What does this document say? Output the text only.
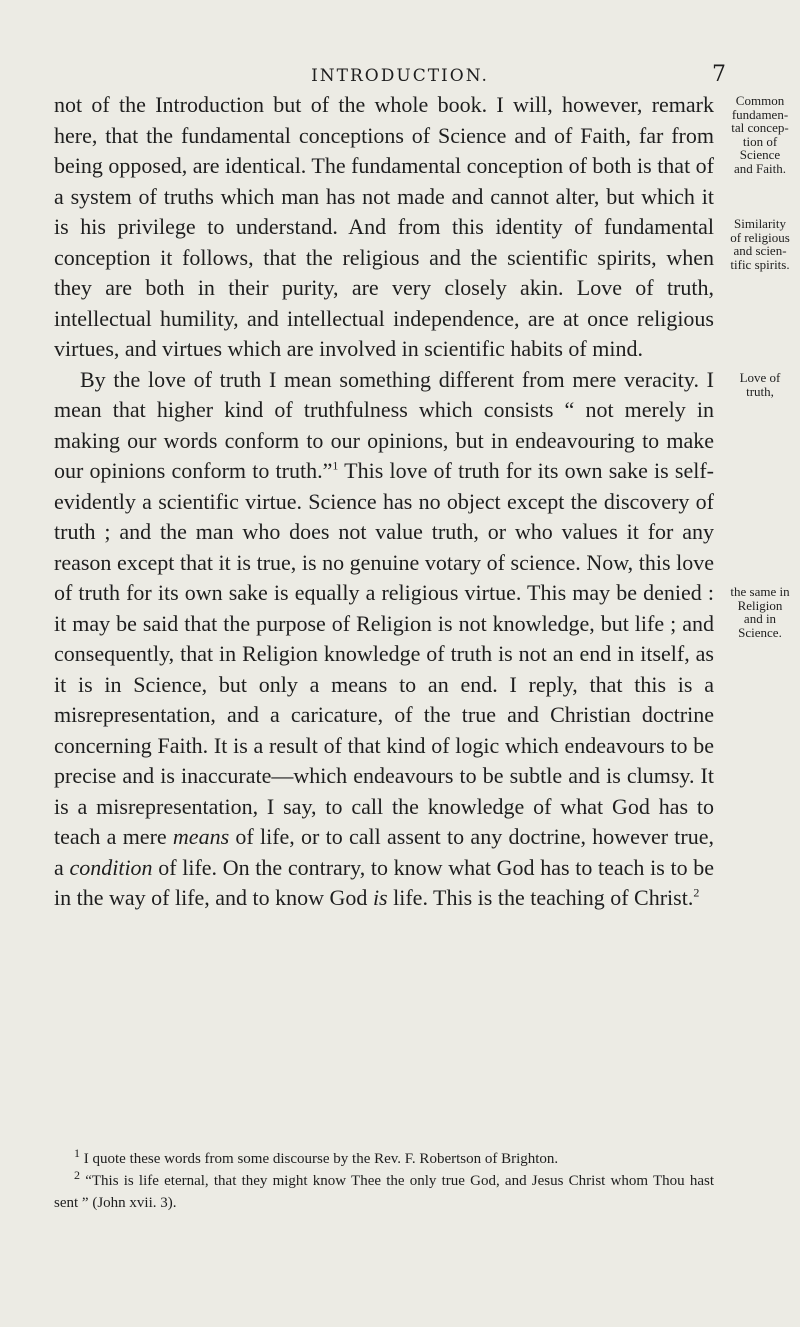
INTRODUCTION.	7

not of the Introduction but of the whole book. I will, however, remark here, that the fundamental conceptions of Science and of Faith, far from being opposed, are identical. The fundamental conception of both is that of a system of truths which man has not made and cannot alter, but which it is his privilege to understand. And from this identity of fundamental conception it follows, that the religious and the scientific spirits, when they are both in their purity, are very closely akin. Love of truth, intellectual humility, and intellectual independence, are at once religious virtues, and virtues which are involved in scientific habits of mind.

By the love of truth I mean something different from mere veracity. I mean that higher kind of truthfulness which consists “ not merely in making our words conform to our opinions, but in endeavouring to make our opinions conform to truth.”$^1$ This love of truth for its own sake is self-evidently a scientific virtue. Science has no object except the discovery of truth ; and the man who does not value truth, or who values it for any reason except that it is true, is no genuine votary of science. Now, this love of truth for its own sake is equally a religious virtue. This may be denied : it may be said that the purpose of Religion is not knowledge, but life ; and consequently, that in Religion knowledge of truth is not an end in itself, as it is in Science, but only a means to an end. I reply, that this is a misrepresentation, and a caricature, of the true and Christian doctrine concerning Faith. It is a result of that kind of logic which endeavours to be precise and is inaccurate—which endeavours to be subtle and is clumsy. It is a misrepresentation, I say, to call the knowledge of what God has to teach a mere means of life, or to call assent to any doctrine, however true, a condition of life. On the contrary, to know what God has to teach is to be in the way of life, and to know God is life. This is the teaching of Christ.$^2$

Common
fundamen-
tal concep-
tion of
Science
and Faith.
Similarity
of religious
and scien-
tific spirits.
Love of
truth,
the same in
Religion
and in
Science.

$^1$ I quote these words from some discourse by the Rev. F. Robertson of Brighton.

$^2$ “This is life eternal, that they might know Thee the only true God, and Jesus Christ whom Thou hast sent ” (John xvii. 3).
